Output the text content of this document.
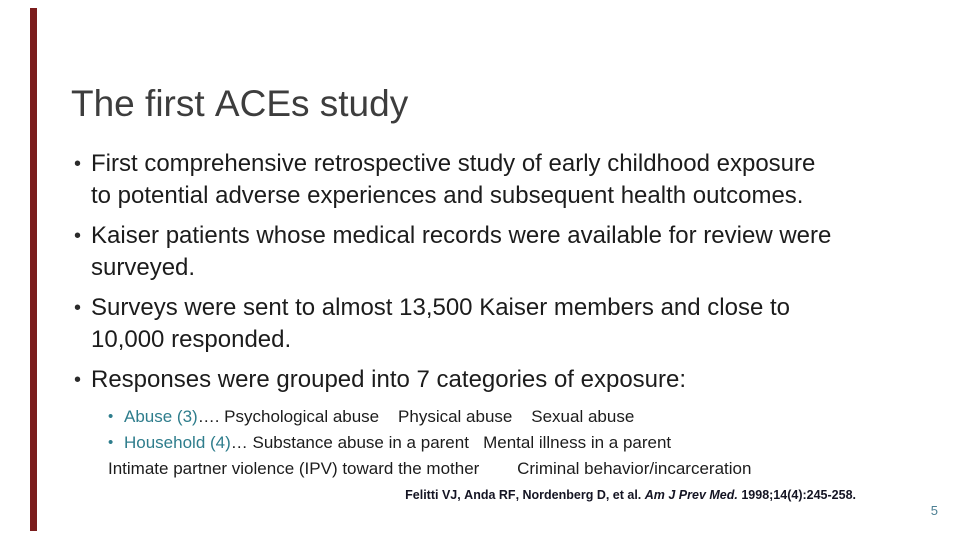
The first ACEs study
• First comprehensive retrospective study of early childhood exposure to potential adverse experiences and subsequent health outcomes.
• Kaiser patients whose medical records were available for review were surveyed.
• Surveys were sent to almost 13,500 Kaiser members and close to 10,000 responded.
• Responses were grouped into 7 categories of exposure:
• Abuse (3)…. Psychological abuse    Physical abuse    Sexual abuse
• Household (4)… Substance abuse in a parent   Mental illness in a parent
Intimate partner violence (IPV) toward the mother        Criminal behavior/incarceration
Felitti VJ, Anda RF, Nordenberg D, et al. Am J Prev Med. 1998;14(4):245-258.
5
